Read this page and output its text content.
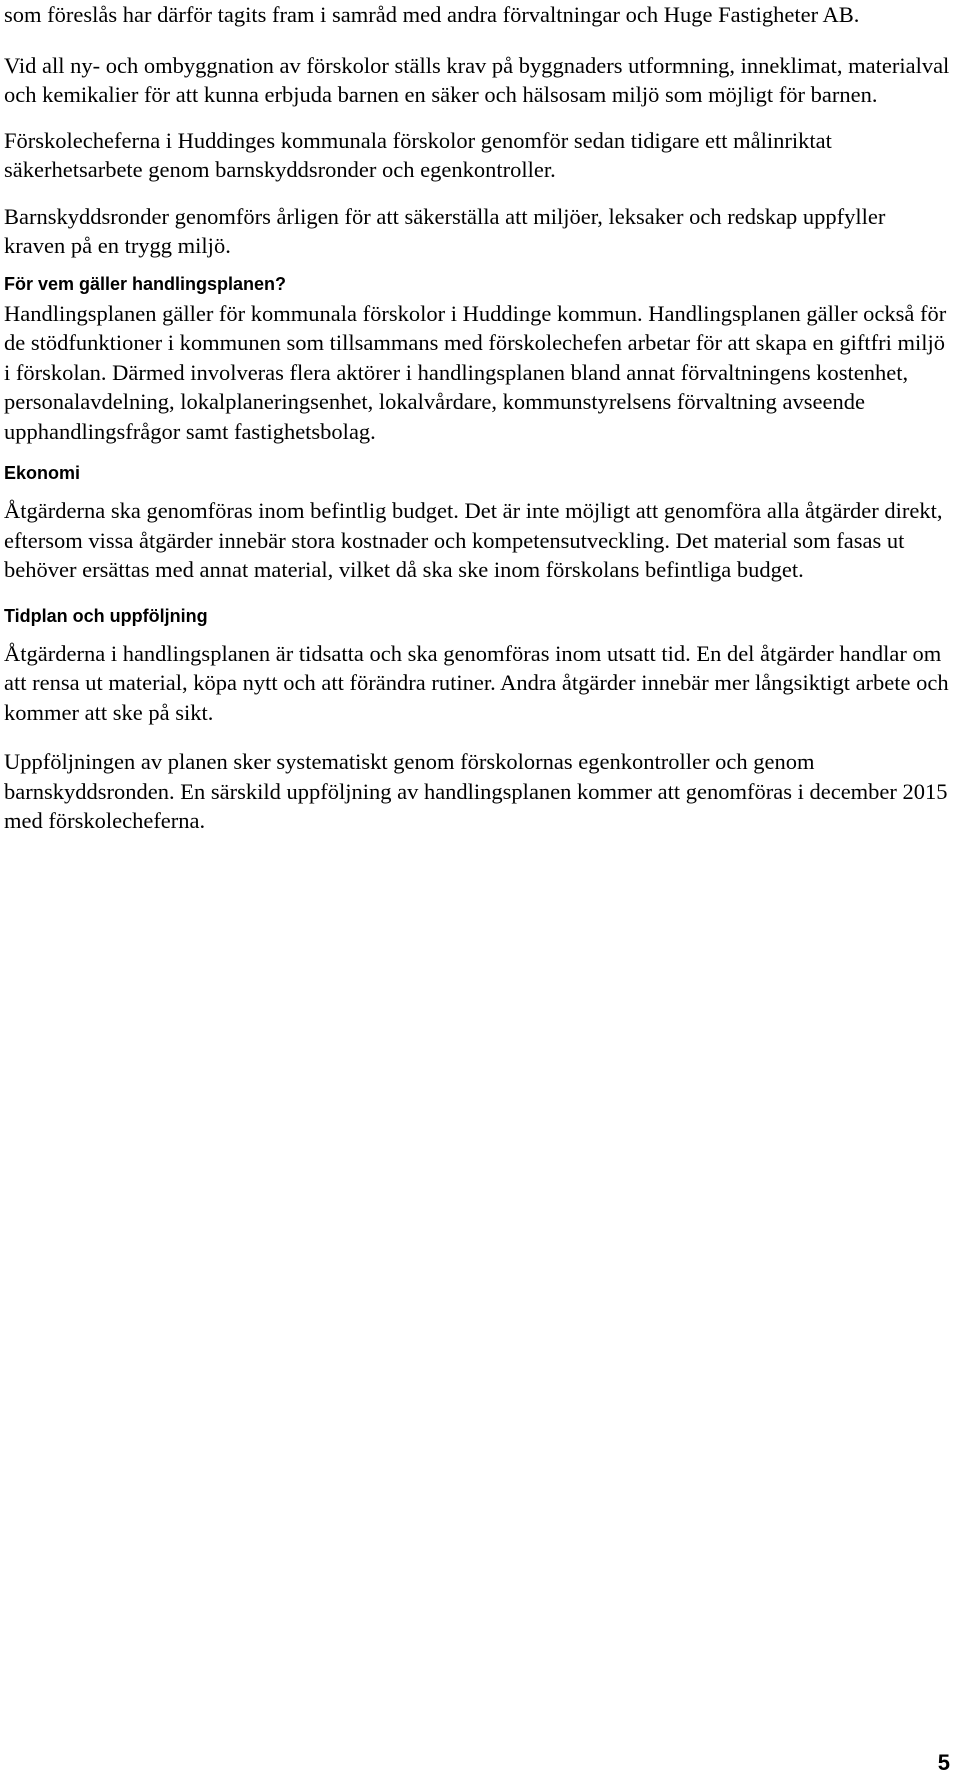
som föreslås har därför tagits fram i samråd med andra förvaltningar och Huge Fastigheter AB.

Vid all ny- och ombyggnation av förskolor ställs krav på byggnaders utformning, inneklimat, materialval och kemikalier för att kunna erbjuda barnen en säker och hälsosam miljö som möjligt för barnen.

Förskolecheferna i Huddinges kommunala förskolor genomför sedan tidigare ett målinriktat säkerhetsarbete genom barnskyddsronder och egenkontroller.

Barnskyddsronder genomförs årligen för att säkerställa att miljöer, leksaker och redskap uppfyller kraven på en trygg miljö.

För vem gäller handlingsplanen?

Handlingsplanen gäller för kommunala förskolor i Huddinge kommun. Handlingsplanen gäller också för de stödfunktioner i kommunen som tillsammans med förskolechefen arbetar för att skapa en giftfri miljö i förskolan. Därmed involveras flera aktörer i handlingsplanen bland annat förvaltningens kostenhet, personalavdelning, lokalplaneringsenhet, lokalvårdare, kommunstyrelsens förvaltning avseende upphandlingsfrågor samt fastighetsbolag.

Ekonomi

Åtgärderna ska genomföras inom befintlig budget. Det är inte möjligt att genomföra alla åtgärder direkt, eftersom vissa åtgärder innebär stora kostnader och kompetensutveckling. Det material som fasas ut behöver ersättas med annat material, vilket då ska ske inom förskolans befintliga budget.

Tidplan och uppföljning

Åtgärderna i handlingsplanen är tidsatta och ska genomföras inom utsatt tid. En del åtgärder handlar om att rensa ut material, köpa nytt och att förändra rutiner. Andra åtgärder innebär mer långsiktigt arbete och kommer att ske på sikt.

Uppföljningen av planen sker systematiskt genom förskolornas egenkontroller och genom barnskyddsronden. En särskild uppföljning av handlingsplanen kommer att genomföras i december 2015 med förskolecheferna.

5
